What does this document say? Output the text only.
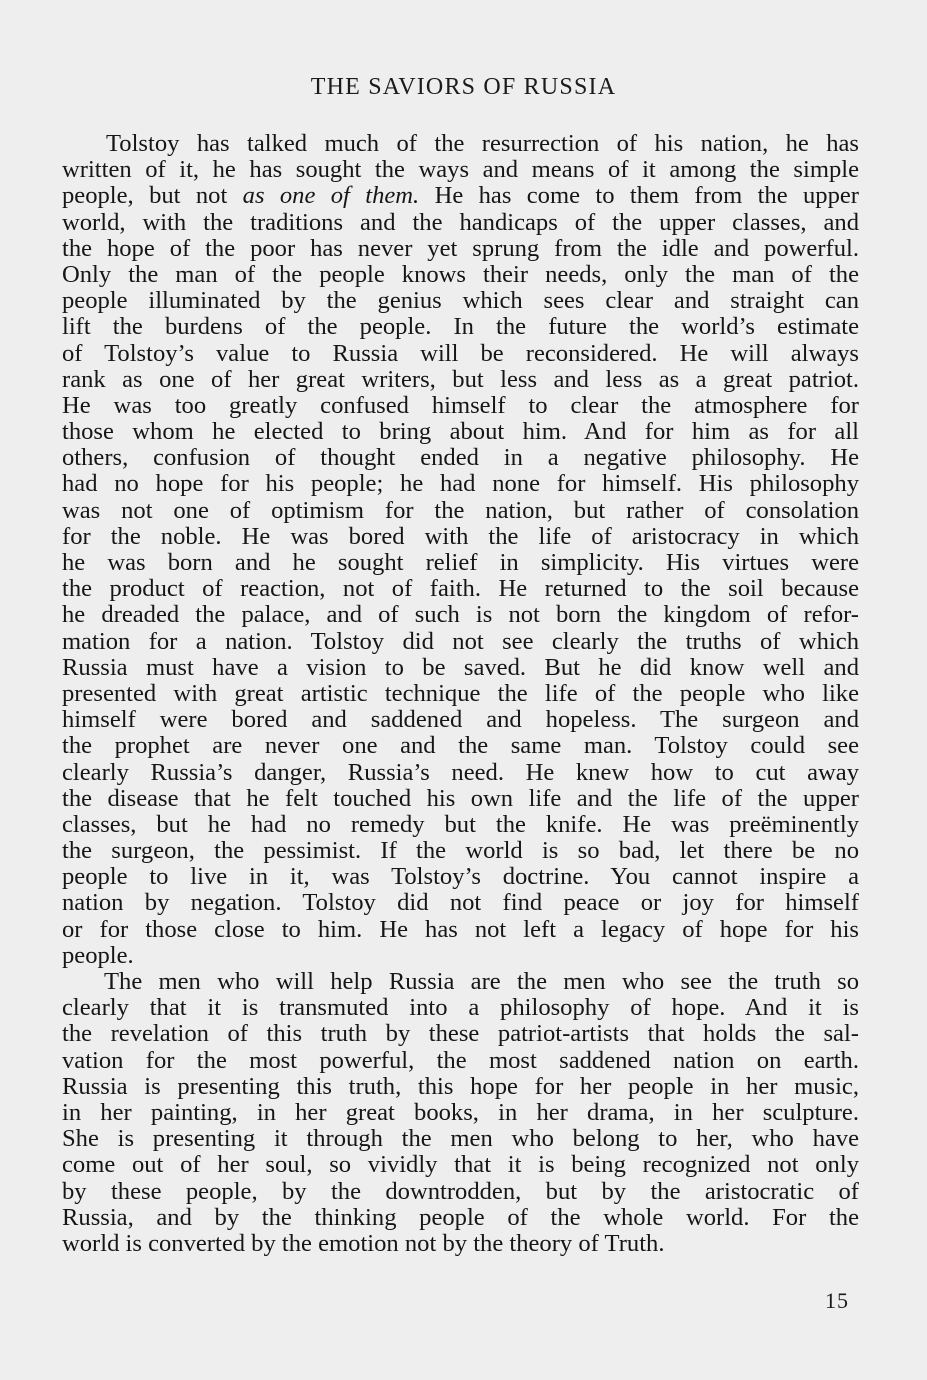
THE SAVIORS OF RUSSIA
Tolstoy has talked much of the resurrection of his nation, he has
written of it, he has sought the ways and means of it among the simple
people, but not as one of them. He has come to them from the upper
world, with the traditions and the handicaps of the upper classes, and
the hope of the poor has never yet sprung from the idle and powerful.
Only the man of the people knows their needs, only the man of the
people illuminated by the genius which sees clear and straight can
lift the burdens of the people. In the future the world’s estimate
of Tolstoy’s value to Russia will be reconsidered. He will always
rank as one of her great writers, but less and less as a great patriot.
He was too greatly confused himself to clear the atmosphere for
those whom he elected to bring about him. And for him as for all
others, confusion of thought ended in a negative philosophy. He
had no hope for his people; he had none for himself. His philosophy
was not one of optimism for the nation, but rather of consolation
for the noble. He was bored with the life of aristocracy in which
he was born and he sought relief in simplicity. His virtues were
the product of reaction, not of faith. He returned to the soil because
he dreaded the palace, and of such is not born the kingdom of refor-
mation for a nation. Tolstoy did not see clearly the truths of which
Russia must have a vision to be saved. But he did know well and
presented with great artistic technique the life of the people who like
himself were bored and saddened and hopeless. The surgeon and
the prophet are never one and the same man. Tolstoy could see
clearly Russia’s danger, Russia’s need. He knew how to cut away
the disease that he felt touched his own life and the life of the upper
classes, but he had no remedy but the knife. He was preëminently
the surgeon, the pessimist. If the world is so bad, let there be no
people to live in it, was Tolstoy’s doctrine. You cannot inspire a
nation by negation. Tolstoy did not find peace or joy for himself
or for those close to him. He has not left a legacy of hope for his
people.
The men who will help Russia are the men who see the truth so
clearly that it is transmuted into a philosophy of hope. And it is
the revelation of this truth by these patriot-artists that holds the sal-
vation for the most powerful, the most saddened nation on earth.
Russia is presenting this truth, this hope for her people in her music,
in her painting, in her great books, in her drama, in her sculpture.
She is presenting it through the men who belong to her, who have
come out of her soul, so vividly that it is being recognized not only
by these people, by the downtrodden, but by the aristocratic of
Russia, and by the thinking people of the whole world. For the
world is converted by the emotion not by the theory of Truth.
15
